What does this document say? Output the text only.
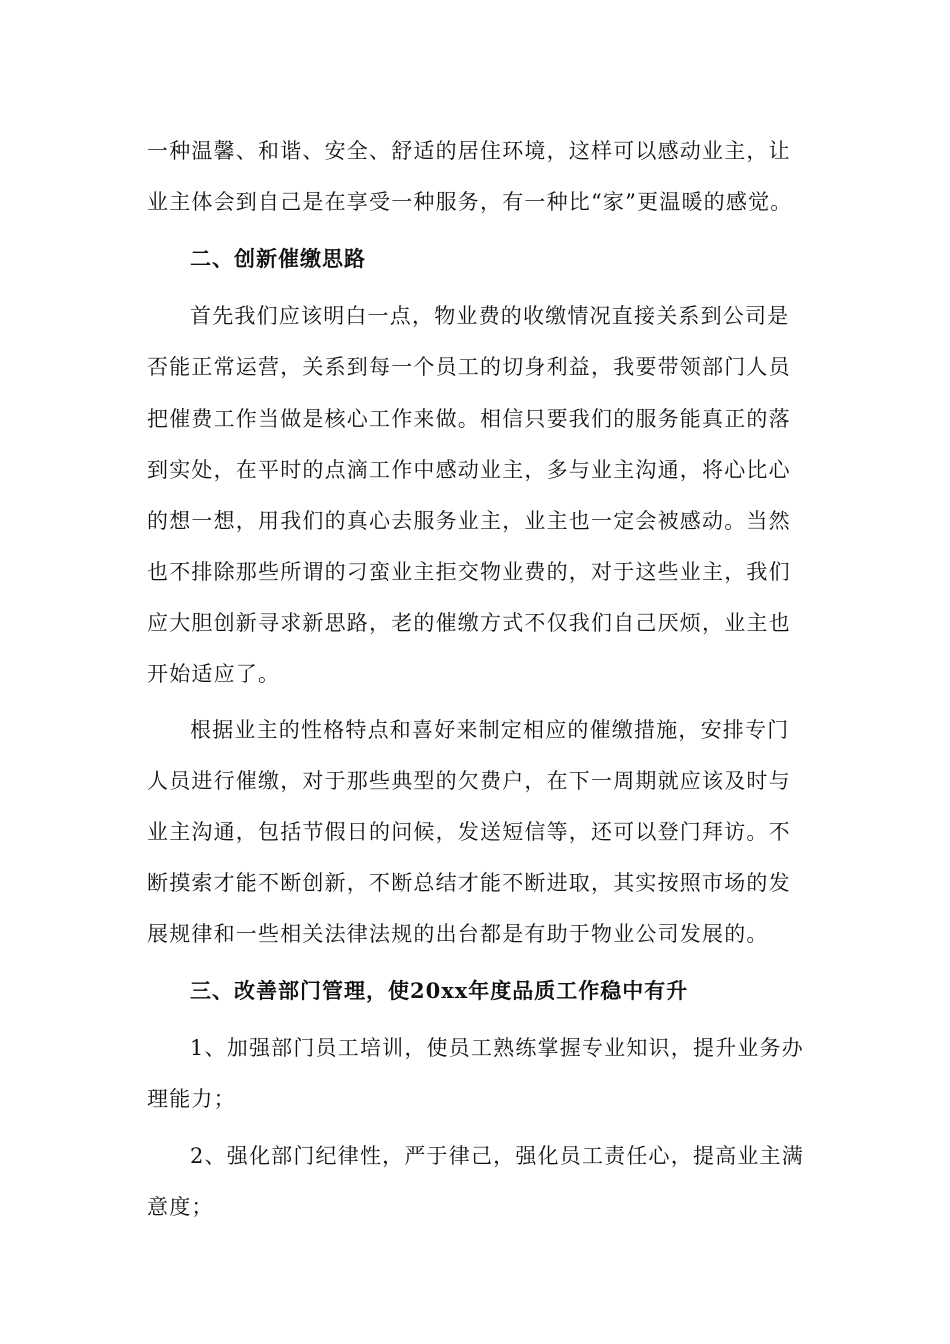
一种温馨、和谐、安全、舒适的居住环境，这样可以感动业主，让
业主体会到自己是在享受一种服务，有一种比“家”更温暖的感觉。
二、创新催缴思路
首先我们应该明白一点，物业费的收缴情况直接关系到公司是
否能正常运营，关系到每一个员工的切身利益，我要带领部门人员
把催费工作当做是核心工作来做。相信只要我们的服务能真正的落
到实处，在平时的点滴工作中感动业主，多与业主沟通，将心比心
的想一想，用我们的真心去服务业主，业主也一定会被感动。当然
也不排除那些所谓的刁蛮业主拒交物业费的，对于这些业主，我们
应大胆创新寻求新思路，老的催缴方式不仅我们自己厌烦，业主也
开始适应了。
根据业主的性格特点和喜好来制定相应的催缴措施，安排专门
人员进行催缴，对于那些典型的欠费户，在下一周期就应该及时与
业主沟通，包括节假日的问候，发送短信等，还可以登门拜访。不
断摸索才能不断创新，不断总结才能不断进取，其实按照市场的发
展规律和一些相关法律法规的出台都是有助于物业公司发展的。
三、改善部门管理，使20xx年度品质工作稳中有升
1、加强部门员工培训，使员工熟练掌握专业知识，提升业务办
理能力；
2、强化部门纪律性，严于律己，强化员工责任心，提高业主满
意度；
